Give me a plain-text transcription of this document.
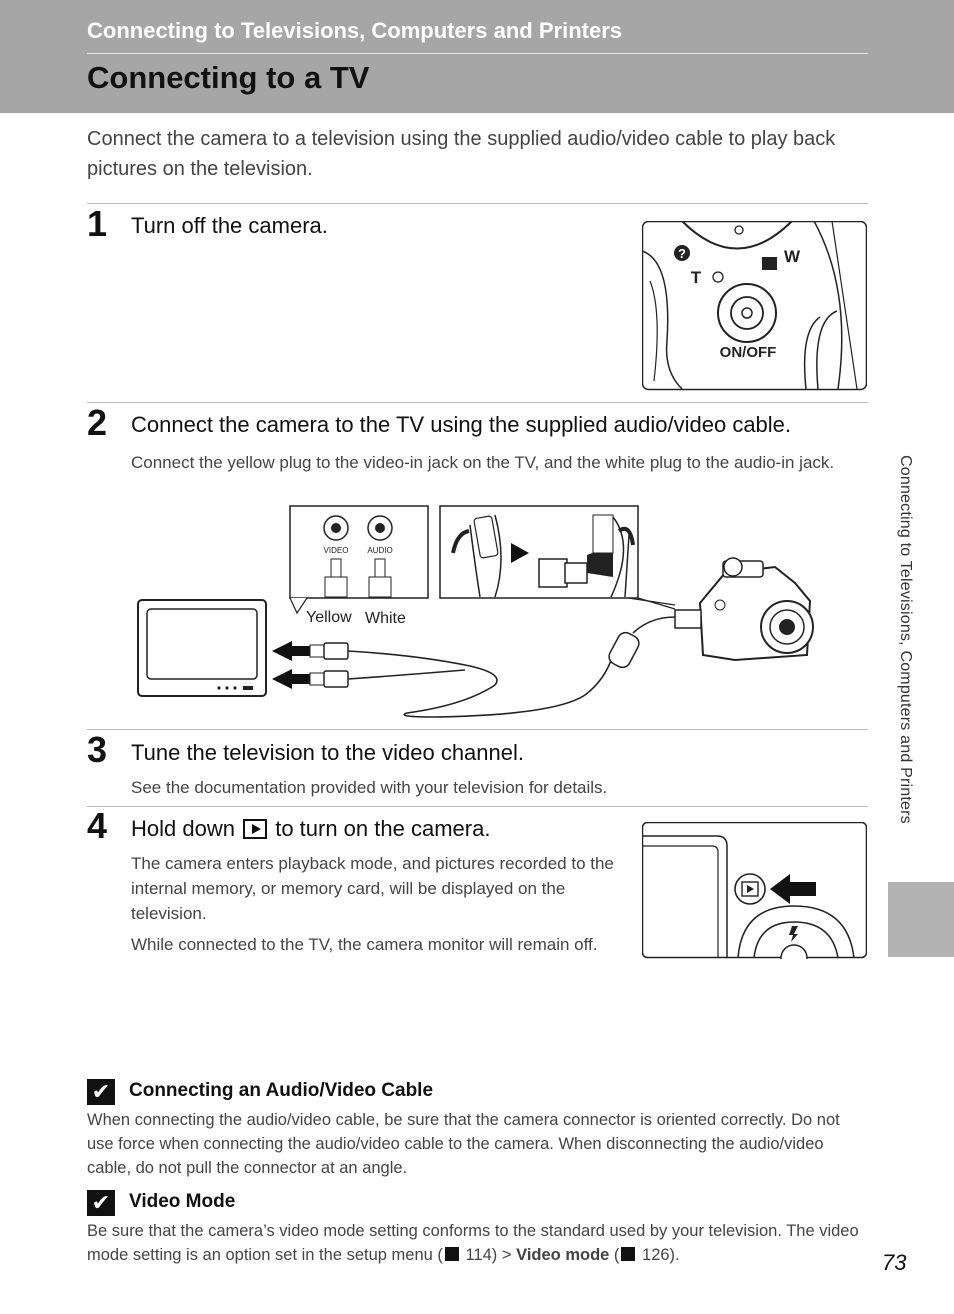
Connecting to Televisions, Computers and Printers
Connecting to a TV
Connect the camera to a television using the supplied audio/video cable to play back pictures on the television.
1 Turn off the camera.
?
T
W
ON/OFF
2 Connect the camera to the TV using the supplied audio/video cable.
Connect the yellow plug to the video-in jack on the TV, and the white plug to the audio-in jack.
VIDEO AUDIO
Yellow White
3 Tune the television to the video channel.
See the documentation provided with your television for details.
4 Hold down to turn on the camera.
The camera enters playback mode, and pictures recorded to the internal memory, or memory card, will be displayed on the television.
While connected to the TV, the camera monitor will remain off.
✔ Connecting an Audio/Video Cable
When connecting the audio/video cable, be sure that the camera connector is oriented correctly. Do not use force when connecting the audio/video cable to the camera. When disconnecting the audio/video cable, do not pull the connector at an angle.
✔ Video Mode
Be sure that the camera’s video mode setting conforms to the standard used by your television. The video mode setting is an option set in the setup menu ( 114) > Video mode ( 126).
Connecting to Televisions, Computers and Printers
73
